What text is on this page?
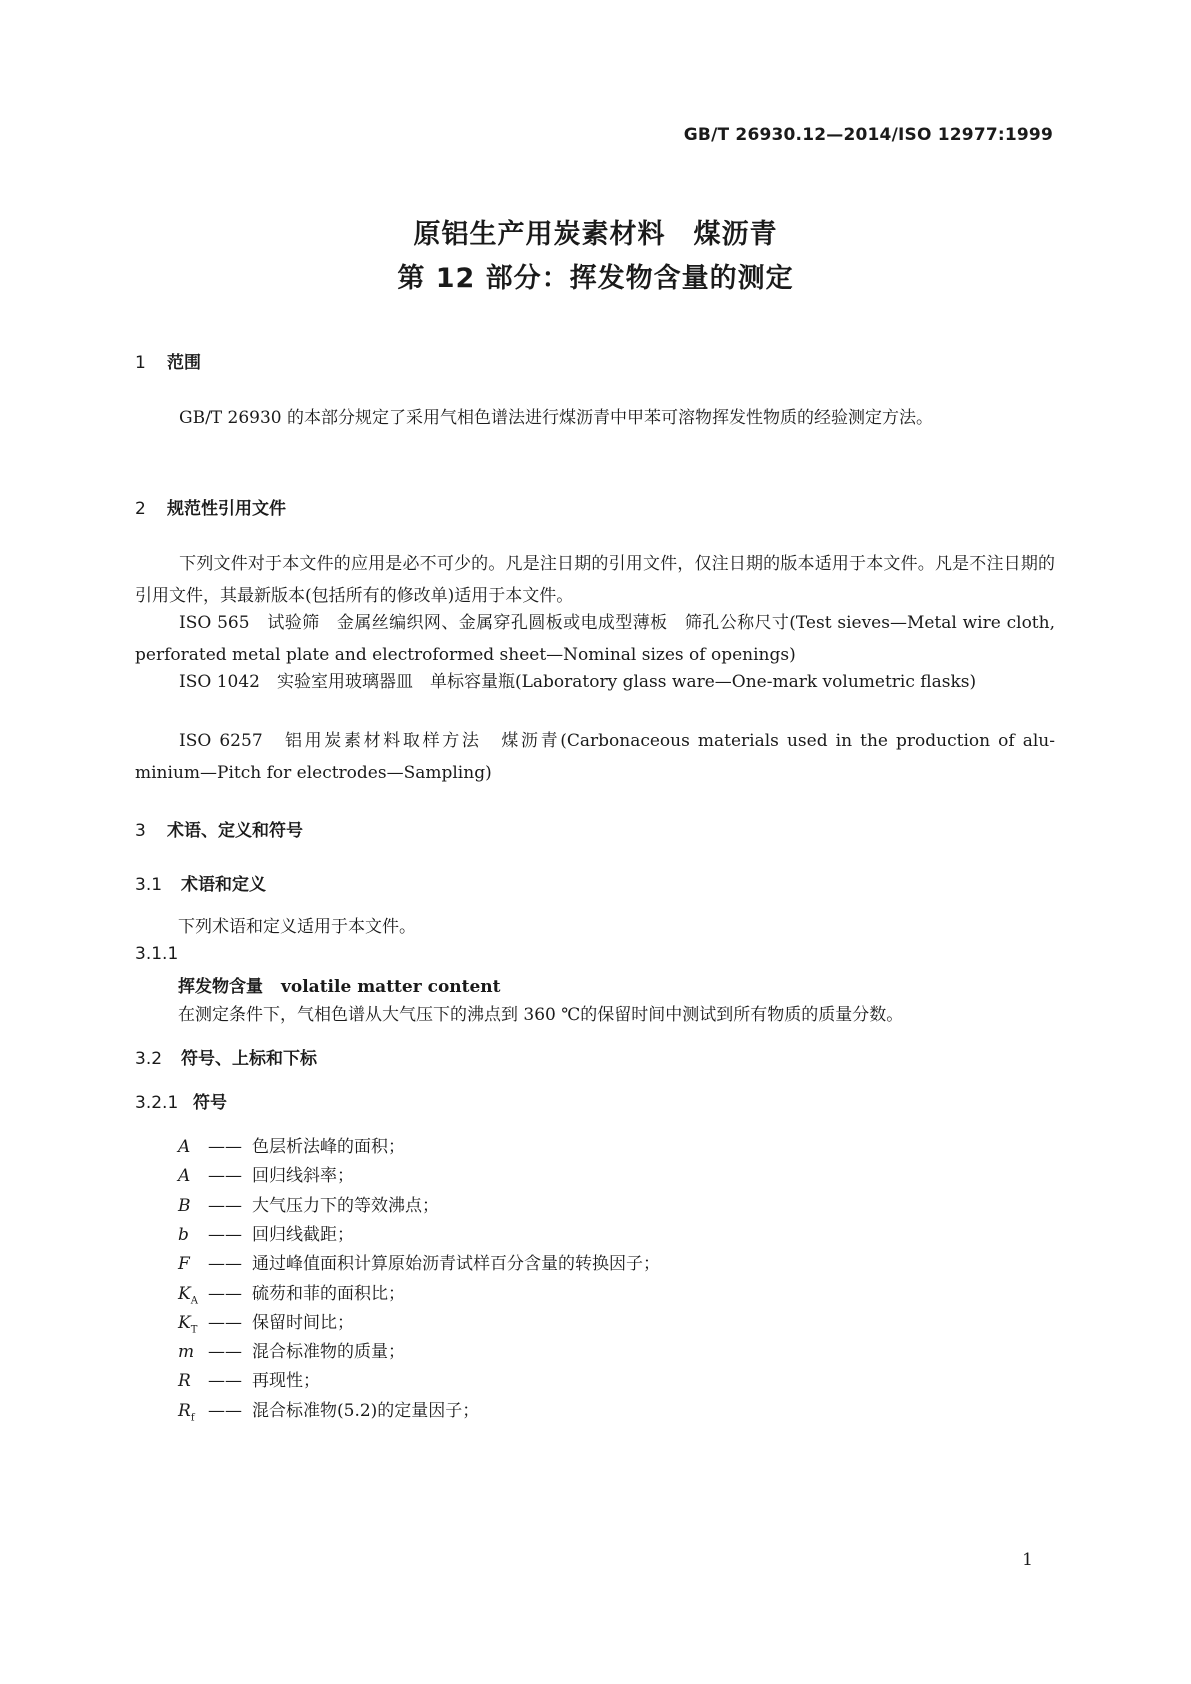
GB/T 26930.12—2014/ISO 12977:1999
原铝生产用炭素材料　煤沥青
第 12 部分：挥发物含量的测定
1 范围
GB/T 26930 的本部分规定了采用气相色谱法进行煤沥青中甲苯可溶物挥发性物质的经验测定方法。
2 规范性引用文件
下列文件对于本文件的应用是必不可少的。凡是注日期的引用文件，仅注日期的版本适用于本文件。凡是不注日期的引用文件，其最新版本(包括所有的修改单)适用于本文件。
ISO 565　试验筛　金属丝编织网、金属穿孔圆板或电成型薄板　筛孔公称尺寸(Test sieves—Metal wire cloth, perforated metal plate and electroformed sheet—Nominal sizes of openings)
ISO 1042　实验室用玻璃器皿　单标容量瓶(Laboratory glass ware—One-mark volumetric flasks)
ISO 6257　铝用炭素材料取样方法　煤沥青(Carbonaceous materials used in the production of alu-minium—Pitch for electrodes—Sampling)
3 术语、定义和符号
3.1 术语和定义
下列术语和定义适用于本文件。
3.1.1
挥发物含量 volatile matter content
在测定条件下，气相色谱从大气压下的沸点到 360 ℃的保留时间中测试到所有物质的质量分数。
3.2 符号、上标和下标
3.2.1 符号
A —— 色层析法峰的面积；
A —— 回归线斜率；
B —— 大气压力下的等效沸点；
b —— 回归线截距；
F —— 通过峰值面积计算原始沥青试样百分含量的转换因子；
$K_A$ —— 硫芴和菲的面积比；
$K_T$ —— 保留时间比；
m —— 混合标准物的质量；
R —— 再现性；
$R_f$ —— 混合标准物(5.2)的定量因子；
1
